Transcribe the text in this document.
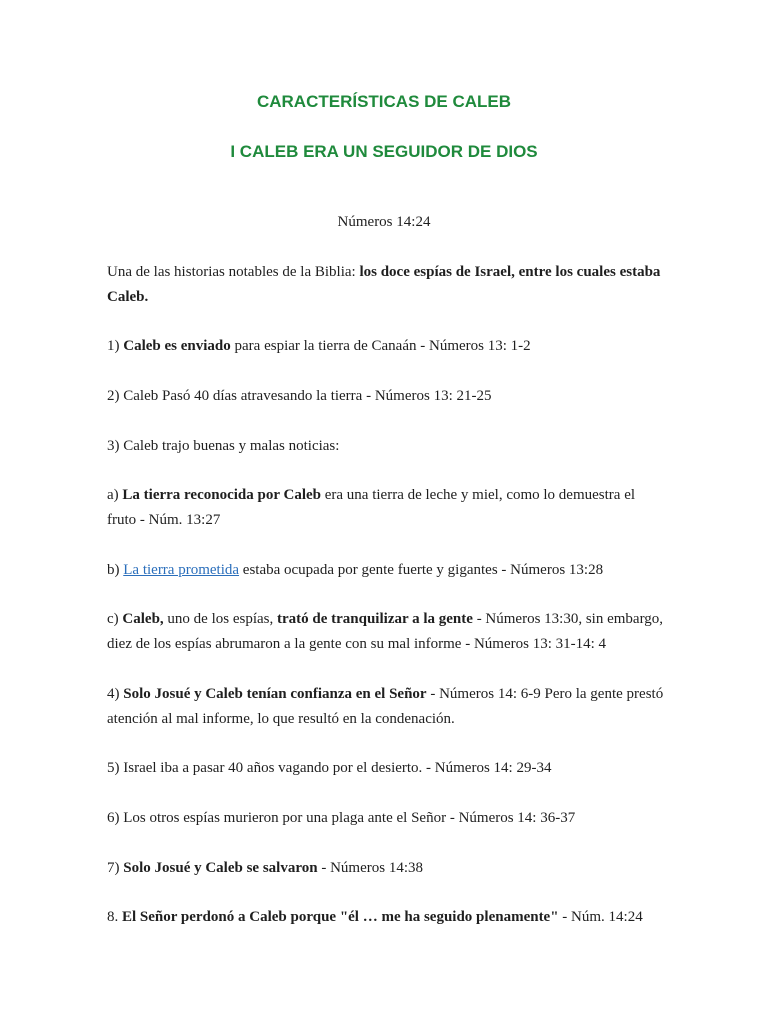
CARACTERÍSTICAS DE CALEB
I CALEB ERA UN SEGUIDOR DE DIOS

Números 14:24

Una de las historias notables de la Biblia: los doce espías de Israel, entre los cuales estaba Caleb.

1) Caleb es enviado para espiar la tierra de Canaán - Números 13: 1-2

2) Caleb Pasó 40 días atravesando la tierra - Números 13: 21-25

3) Caleb trajo buenas y malas noticias:

a) La tierra reconocida por Caleb era una tierra de leche y miel, como lo demuestra el fruto - Núm. 13:27

b) La tierra prometida estaba ocupada por gente fuerte y gigantes - Números 13:28

c) Caleb, uno de los espías, trató de tranquilizar a la gente - Números 13:30, sin embargo, diez de los espías abrumaron a la gente con su mal informe - Números 13: 31-14: 4

4) Solo Josué y Caleb tenían confianza en el Señor - Números 14: 6-9 Pero la gente prestó atención al mal informe, lo que resultó en la condenación.

5) Israel iba a pasar 40 años vagando por el desierto. - Números 14: 29-34

6) Los otros espías murieron por una plaga ante el Señor - Números 14: 36-37

7) Solo Josué y Caleb se salvaron - Números 14:38

8. El Señor perdonó a Caleb porque "él … me ha seguido plenamente" - Núm. 14:24
